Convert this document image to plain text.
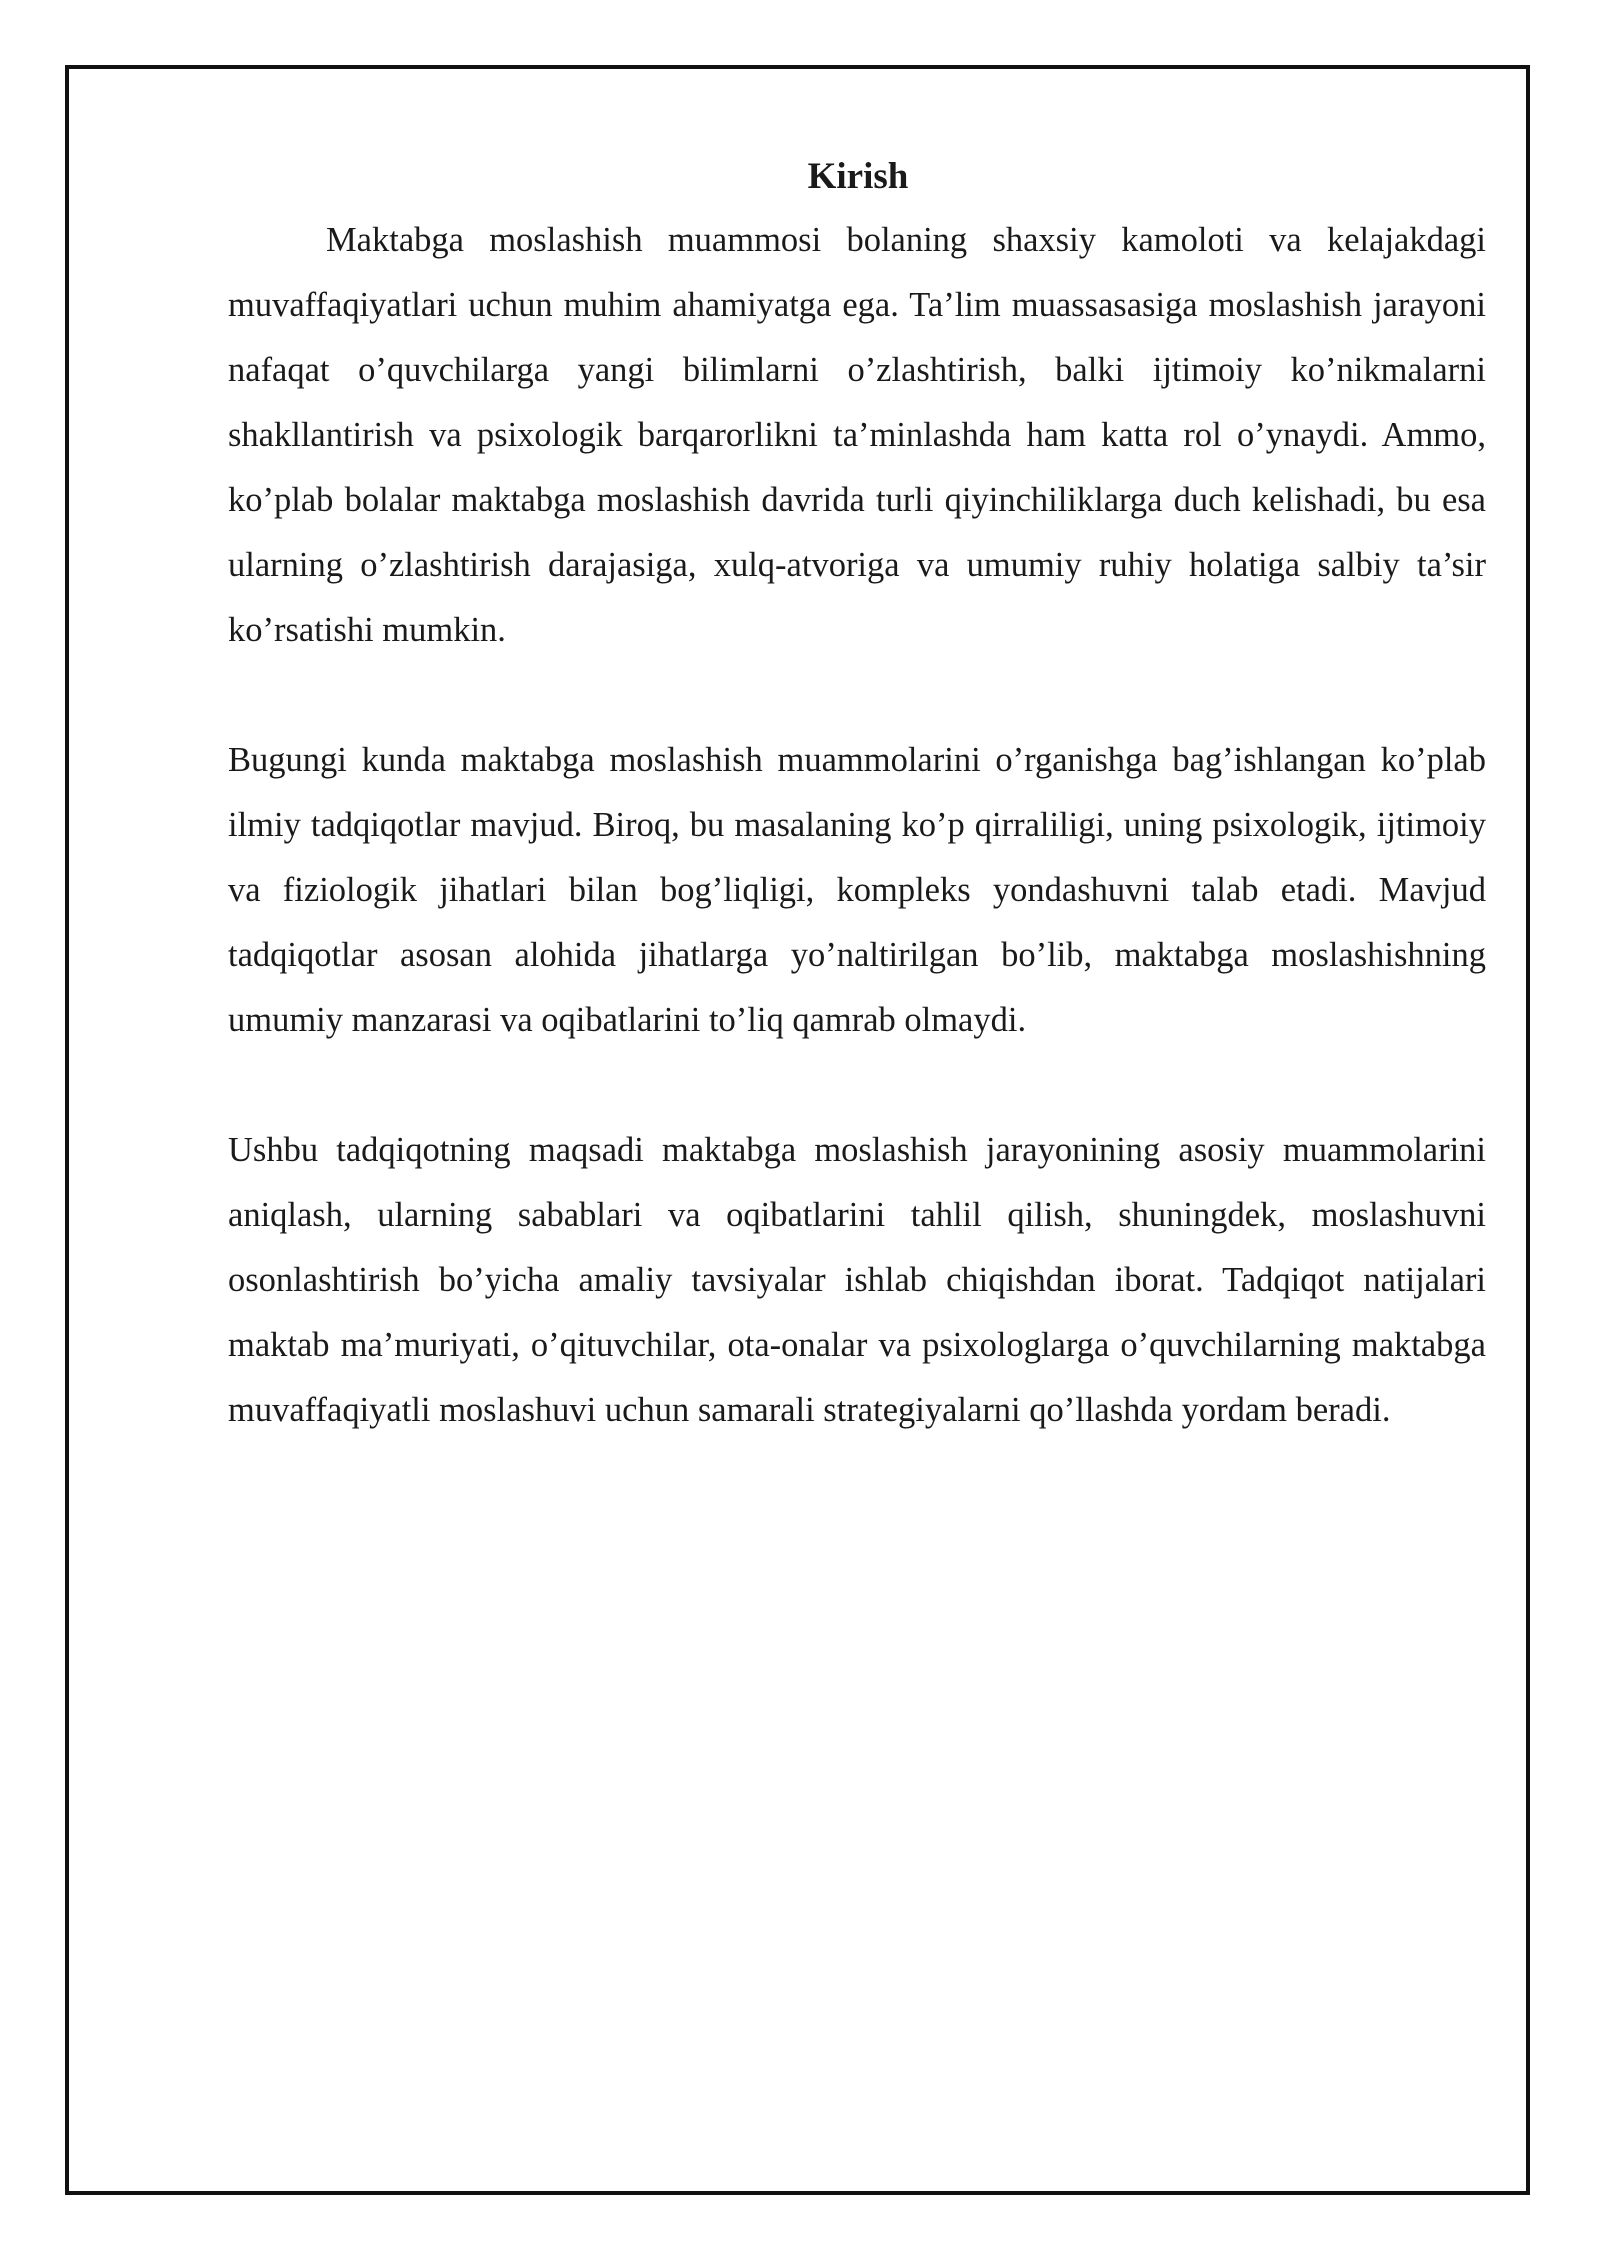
Kirish

Maktabga moslashish muammosi bolaning shaxsiy kamoloti va kelajakdagi muvaffaqiyatlari uchun muhim ahamiyatga ega. Ta’lim muassasasiga moslashish jarayoni nafaqat o’quvchilarga yangi bilimlarni o’zlashtirish, balki ijtimoiy ko’nikmalarni shakllantirish va psixologik barqarorlikni ta’minlashda ham katta rol o’ynaydi. Ammo, ko’plab bolalar maktabga moslashish davrida turli qiyinchiliklarga duch kelishadi, bu esa ularning o’zlashtirish darajasiga, xulq-atvoriga va umumiy ruhiy holatiga salbiy ta’sir ko’rsatishi mumkin.

Bugungi kunda maktabga moslashish muammolarini o’rganishga bag’ishlangan ko’plab ilmiy tadqiqotlar mavjud. Biroq, bu masalaning ko’p qirraliligi, uning psixologik, ijtimoiy va fiziologik jihatlari bilan bog’liqligi, kompleks yondashuvni talab etadi. Mavjud tadqiqotlar asosan alohida jihatlarga yo’naltirilgan bo’lib, maktabga moslashishning umumiy manzarasi va oqibatlarini to’liq qamrab olmaydi.

Ushbu tadqiqotning maqsadi maktabga moslashish jarayonining asosiy muammolarini aniqlash, ularning sabablari va oqibatlarini tahlil qilish, shuningdek, moslashuvni osonlashtirish bo’yicha amaliy tavsiyalar ishlab chiqishdan iborat. Tadqiqot natijalari maktab ma’muriyati, o’qituvchilar, ota-onalar va psixologlarga o’quvchilarning maktabga muvaffaqiyatli moslashuvi uchun samarali strategiyalarni qo’llashda yordam beradi.
